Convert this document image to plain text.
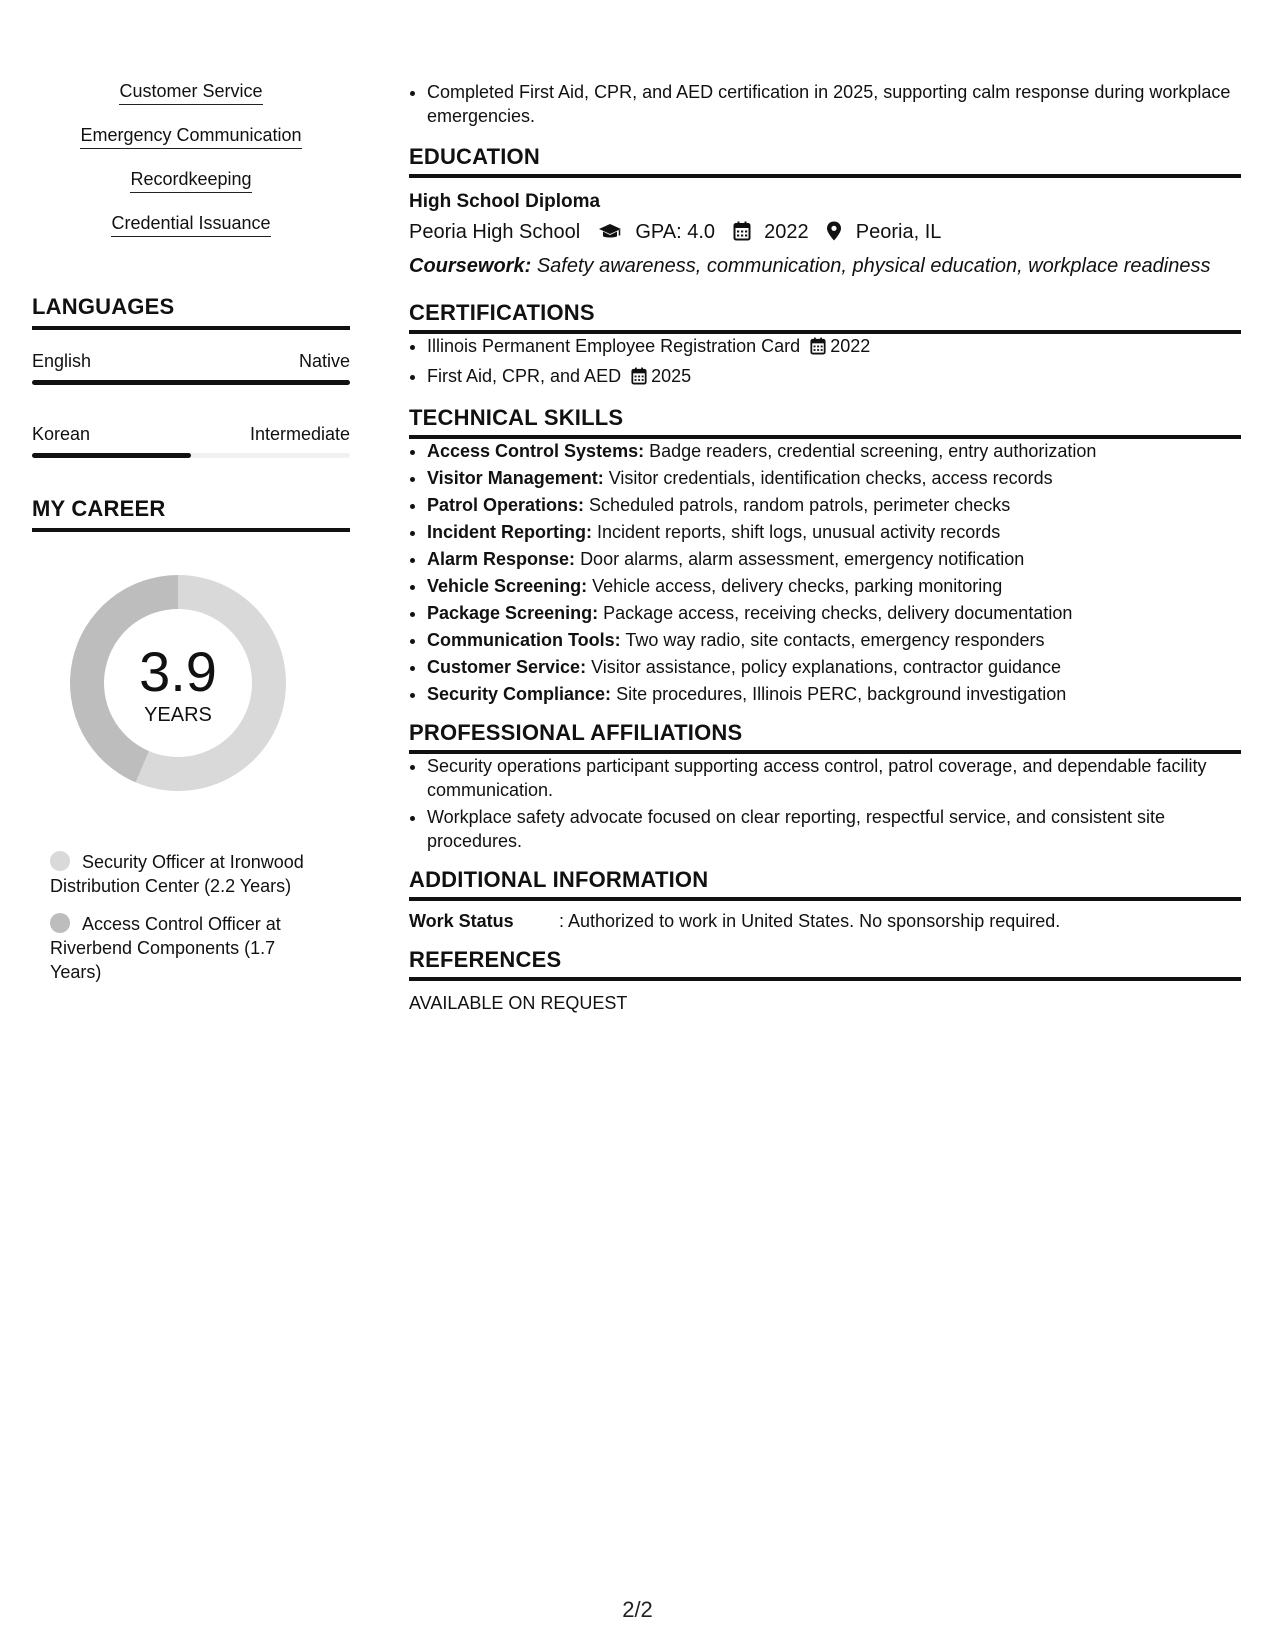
Customer Service
Emergency Communication
Recordkeeping
Credential Issuance
LANGUAGES
English	Native
Korean	Intermediate
MY CAREER
3.9
YEARS
Security Officer at Ironwood Distribution Center (2.2 Years)
Access Control Officer at Riverbend Components (1.7 Years)
• Completed First Aid, CPR, and AED certification in 2025, supporting calm response during workplace emergencies.
EDUCATION
High School Diploma
Peoria High School	GPA: 4.0 2022 Peoria, IL
Coursework: Safety awareness, communication, physical education, workplace readiness
CERTIFICATIONS
• Illinois Permanent Employee Registration Card 2022
• First Aid, CPR, and AED 2025
TECHNICAL SKILLS
• Access Control Systems: Badge readers, credential screening, entry authorization
• Visitor Management: Visitor credentials, identification checks, access records
• Patrol Operations: Scheduled patrols, random patrols, perimeter checks
• Incident Reporting: Incident reports, shift logs, unusual activity records
• Alarm Response: Door alarms, alarm assessment, emergency notification
• Vehicle Screening: Vehicle access, delivery checks, parking monitoring
• Package Screening: Package access, receiving checks, delivery documentation
• Communication Tools: Two way radio, site contacts, emergency responders
• Customer Service: Visitor assistance, policy explanations, contractor guidance
• Security Compliance: Site procedures, Illinois PERC, background investigation
PROFESSIONAL AFFILIATIONS
• Security operations participant supporting access control, patrol coverage, and dependable facility communication.
• Workplace safety advocate focused on clear reporting, respectful service, and consistent site procedures.
ADDITIONAL INFORMATION
Work Status	: Authorized to work in United States. No sponsorship required.
REFERENCES
AVAILABLE ON REQUEST
2/2
